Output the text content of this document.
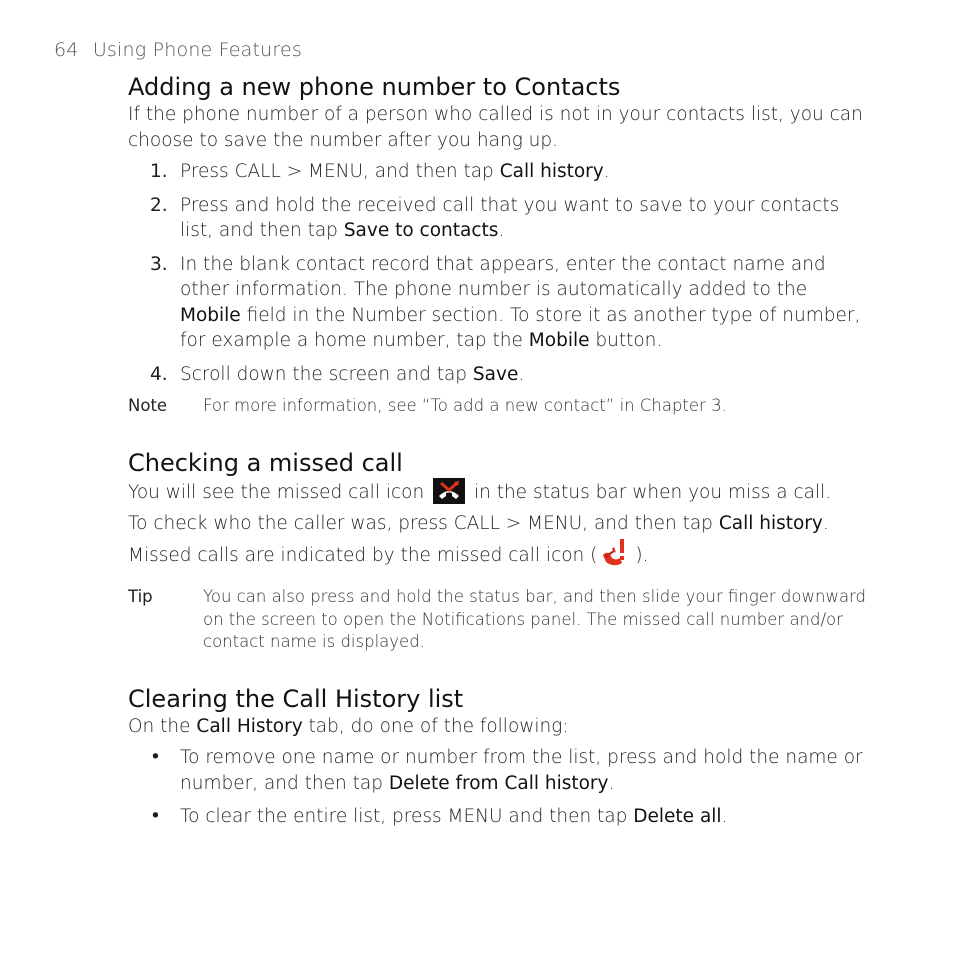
64 Using Phone Features
Adding a new phone number to Contacts

If the phone number of a person who called is not in your contacts list, you can choose to save the number after you hang up.

1. Press CALL > MENU, and then tap Call history.
2. Press and hold the received call that you want to save to your contacts list, and then tap Save to contacts.
3. In the blank contact record that appears, enter the contact name and other information. The phone number is automatically added to the Mobile field in the Number section. To store it as another type of number, for example a home number, tap the Mobile button.
4. Scroll down the screen and tap Save.
Note For more information, see “To add a new contact” in Chapter 3.
Checking a missed call

You will see the missed call icon  in the status bar when you miss a call.

To check who the caller was, press CALL > MENU, and then tap Call history. Missed calls are indicated by the missed call icon ( ).

Tip	You can also press and hold the status bar, and then slide your finger downward on the screen to open the Notifications panel. The missed call number and/or contact name is displayed.
Clearing the Call History list

On the Call History tab, do one of the following:

• To remove one name or number from the list, press and hold the name or number, and then tap Delete from Call history.
• To clear the entire list, press MENU and then tap Delete all.
